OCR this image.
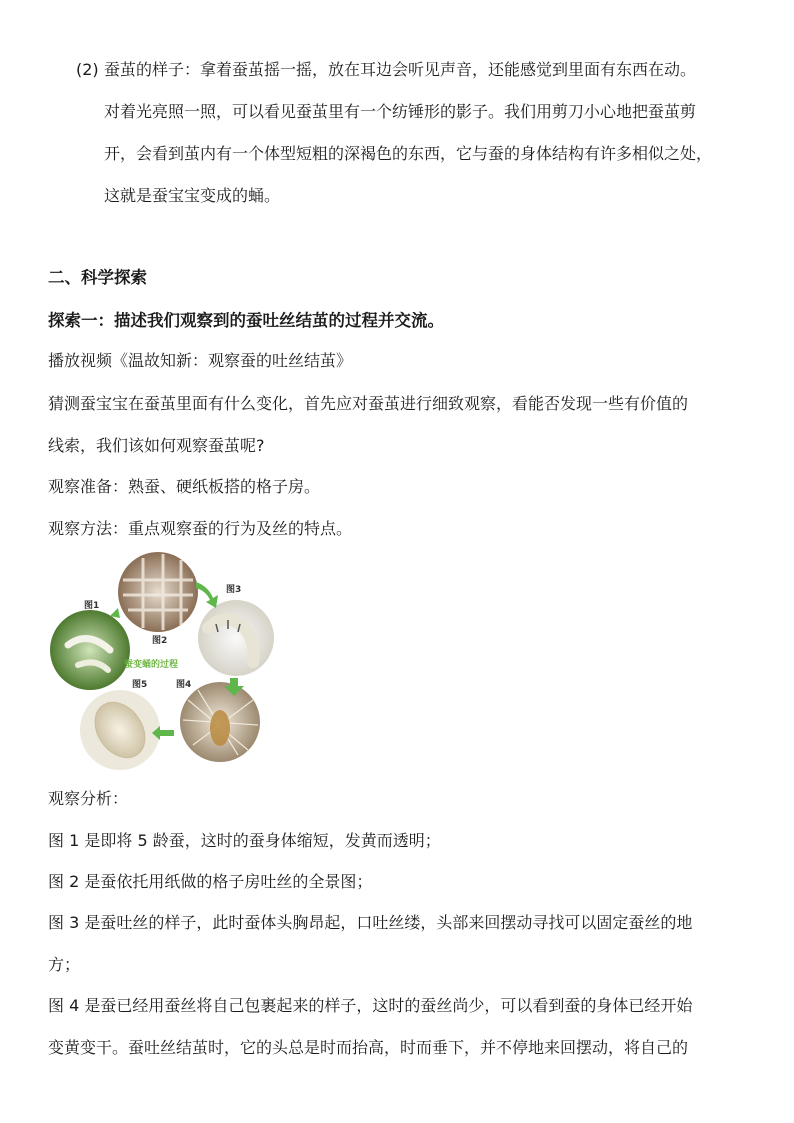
(2) 蚕茧的样子：拿着蚕茧摇一摇，放在耳边会听见声音，还能感觉到里面有东西在动。
对着光亮照一照，可以看见蚕茧里有一个纺锤形的影子。我们用剪刀小心地把蚕茧剪
开，会看到茧内有一个体型短粗的深褐色的东西，它与蚕的身体结构有许多相似之处，
这就是蚕宝宝变成的蛹。
二、科学探索
探索一：描述我们观察到的蚕吐丝结茧的过程并交流。
播放视频《温故知新：观察蚕的吐丝结茧》
猜测蚕宝宝在蚕茧里面有什么变化，首先应对蚕茧进行细致观察，看能否发现一些有价值的
线索，我们该如何观察蚕茧呢?
观察准备：熟蚕、硬纸板搭的格子房。
观察方法：重点观察蚕的行为及丝的特点。
蚕变蛹的过程
图1
图2
图3
图4
图5
观察分析：
图 1 是即将 5 龄蚕，这时的蚕身体缩短，发黄而透明；
图 2 是蚕依托用纸做的格子房吐丝的全景图；
图 3 是蚕吐丝的样子，此时蚕体头胸昂起，口吐丝缕，头部来回摆动寻找可以固定蚕丝的地
方；
图 4 是蚕已经用蚕丝将自己包裹起来的样子，这时的蚕丝尚少，可以看到蚕的身体已经开始
变黄变干。蚕吐丝结茧时，它的头总是时而抬高，时而垂下，并不停地来回摆动，将自己的
